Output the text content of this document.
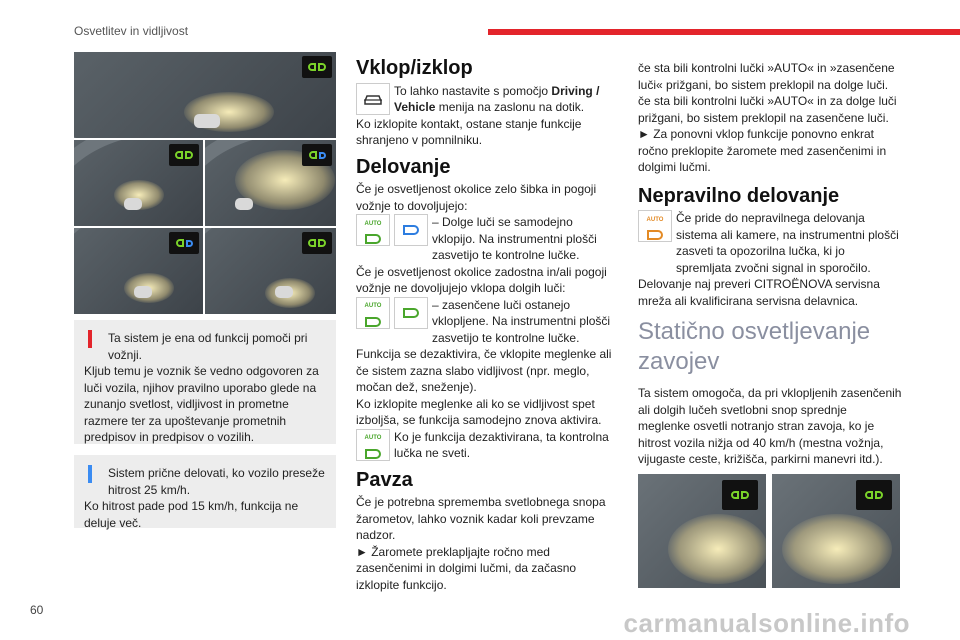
Osvetlitev in vidljivost

Ta sistem je ena od funkcij pomoči pri vožnji.

Kljub temu je voznik še vedno odgovoren za luči vozila, njihov pravilno uporabo glede na zunanjo svetlost, vidljivost in prometne razmere ter za upoštevanje prometnih predpisov in predpisov o vozilih.

Sistem prične delovati, ko vozilo preseže hitrost 25 km/h.

Ko hitrost pade pod 15 km/h, funkcija ne deluje več.

Vklop/izklop

To lahko nastavite s pomočjo Driving / Vehicle menija na zaslonu na dotik.

Ko izklopite kontakt, ostane stanje funkcije shranjeno v pomnilniku.

Delovanje

Če je osvetljenost okolice zelo šibka in pogoji vožnje to dovoljujejo:

AUTO	– Dolge luči se samodejno vklopijo. Na instrumentni plošči zasvetijo te kontrolne lučke.

Če je osvetljenost okolice zadostna in/ali pogoji vožnje ne dovoljujejo vklopa dolgih luči:

AUTO	– zasenčene luči ostanejo vklopljene. Na instrumentni plošči zasvetijo te kontrolne lučke.

Funkcija se dezaktivira, če vklopite meglenke ali če sistem zazna slabo vidljivost (npr. meglo, močan dež, sneženje).

Ko izklopite meglenke ali ko se vidljivost spet izboljša, se funkcija samodejno znova aktivira.

AUTO Ko je funkcija dezaktivirana, ta kontrolna lučka ne sveti.

Pavza

Če je potrebna sprememba svetlobnega snopa žarometov, lahko voznik kadar koli prevzame nadzor.

► Žaromete preklapljajte ročno med zasenčenimi in dolgimi lučmi, da začasno izklopite funkcijo.

če sta bili kontrolni lučki »AUTO« in »zasenčene luči« prižgani, bo sistem preklopil na dolge luči.

če sta bili kontrolni lučki »AUTO« in za dolge luči prižgani, bo sistem preklopil na zasenčene luči.

► Za ponovni vklop funkcije ponovno enkrat ročno preklopite žaromete med zasenčenimi in dolgimi lučmi.

Nepravilno delovanje
AUTO Če pride do nepravilnega delovanja sistema ali kamere, na instrumentni plošči zasveti ta opozorilna lučka, ki jo spremljata zvočni signal in sporočilo.

Delovanje naj preveri CITROËNOVA servisna mreža ali kvalificirana servisna delavnica.

Statično osvetljevanje zavojev

Ta sistem omogoča, da pri vklopljenih zasenčenih ali dolgih lučeh svetlobni snop sprednje meglenke osvetli notranjo stran zavoja, ko je hitrost vozila nižja od 40 km/h (mestna vožnja, vijugaste ceste, križišča, parkirni manevri itd.).

60	carmanualsonline.info
